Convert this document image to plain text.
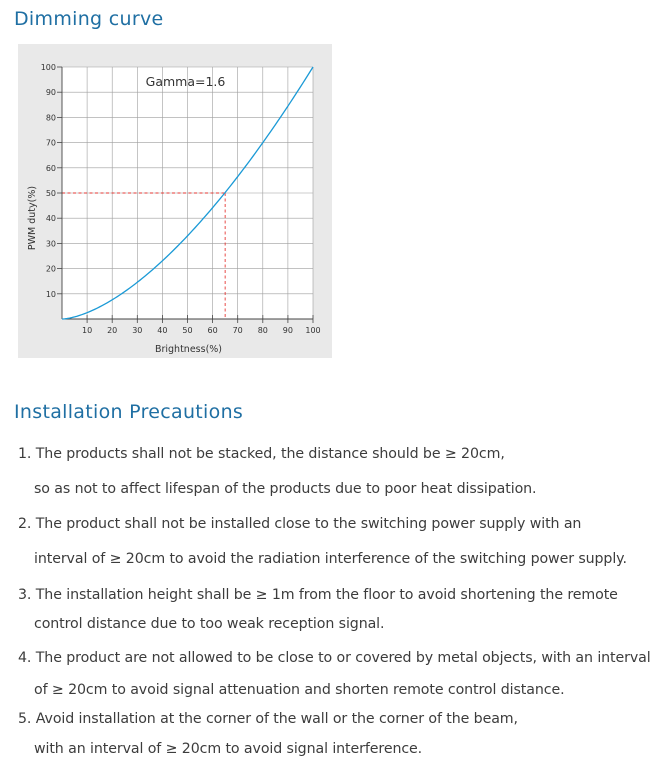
Dimming curve
10 20 30 40 50 60 70 80 90 100
10
20
30
40
50
60
70
80
90
100
Gamma=1.6
Brightness(%)
PWM duty(%)
Installation Precautions
1. The products shall not be stacked, the distance should be ≥ 20cm,
so as not to affect lifespan of the products due to poor heat dissipation.
2. The product shall not be installed close to the switching power supply with an
interval of ≥ 20cm to avoid the radiation interference of the switching power supply.
3. The installation height shall be ≥ 1m from the floor to avoid shortening the remote
control distance due to too weak reception signal.
4. The product are not allowed to be close to or covered by metal objects, with an interval
of ≥ 20cm to avoid signal attenuation and shorten remote control distance.
5. Avoid installation at the corner of the wall or the corner of the beam,
with an interval of ≥ 20cm to avoid signal interference.
